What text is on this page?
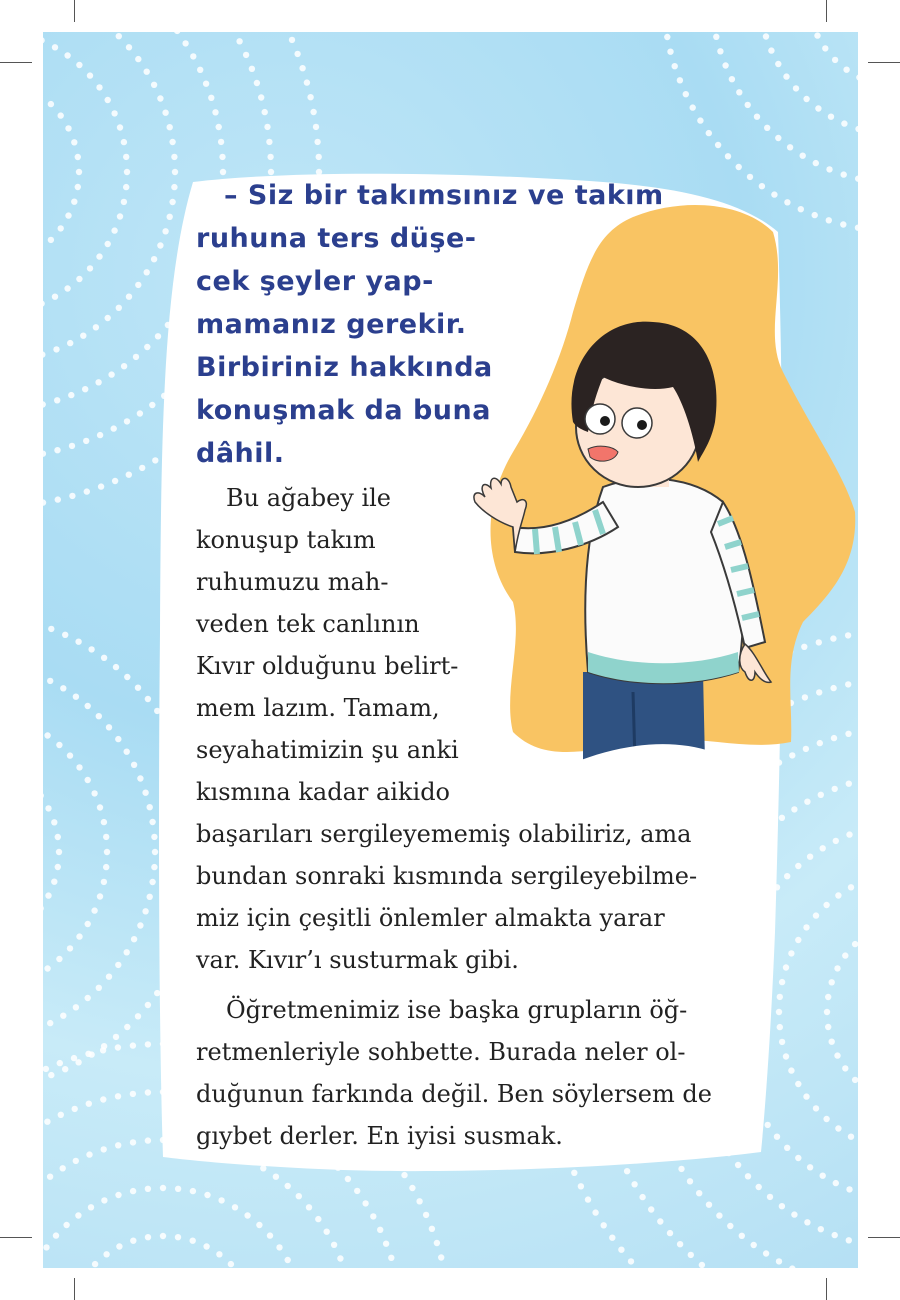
– Siz bir takımsınız ve takım
ruhuna ters düşe-
cek şeyler yap-
mamanız gerekir.
Birbiriniz hakkında
konuşmak da buna
dâhil.
Bu ağabey ile
konuşup takım
ruhumuzu mah-
veden tek canlının
Kıvır olduğunu belirt-
mem lazım. Tamam,
seyahatimizin şu anki
kısmına kadar aikido
başarıları sergileyememiş olabiliriz, ama
bundan sonraki kısmında sergileyebilme-
miz için çeşitli önlemler almakta yarar
var. Kıvır’ı susturmak gibi.
Öğretmenimiz ise başka grupların öğ-
retmenleriyle sohbette. Burada neler ol-
duğunun farkında değil. Ben söylersem de
gıybet derler. En iyisi susmak.
